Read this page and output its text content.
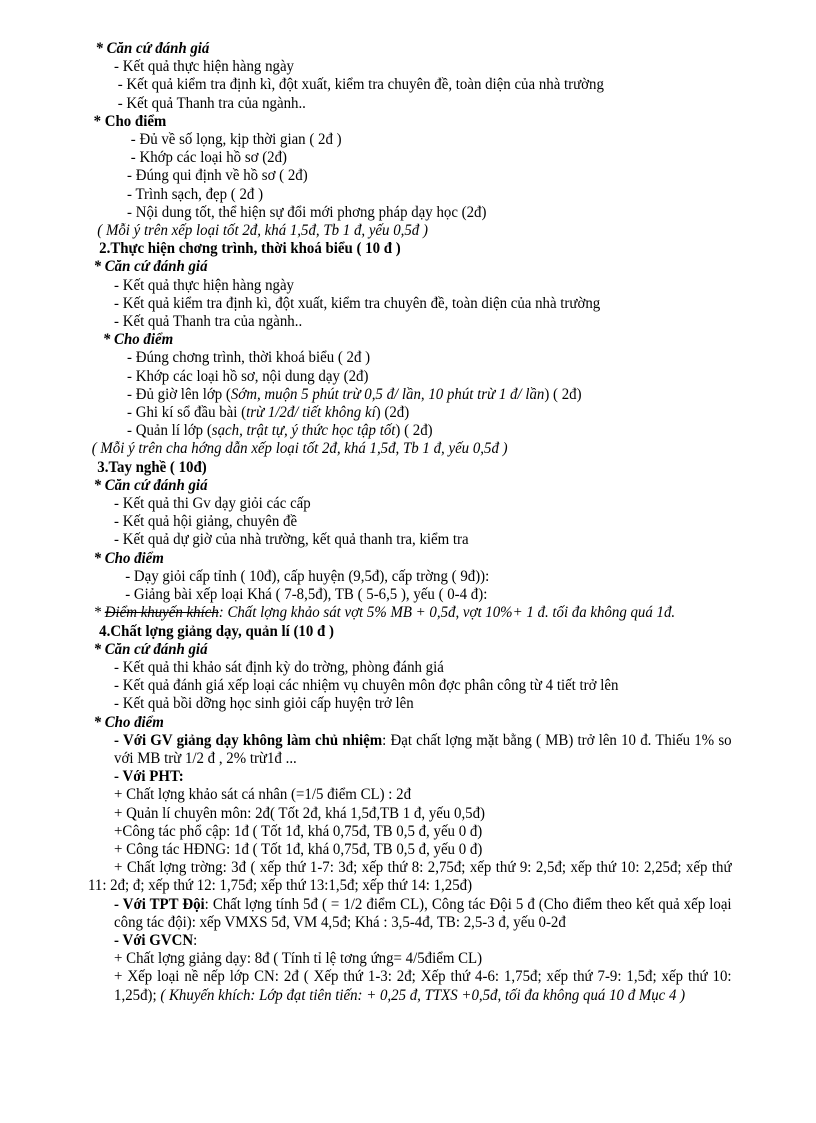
* Căn cứ đánh giá
- Kết quả thực hiện hàng ngày
- Kết quả kiểm tra định kì, đột xuất, kiểm tra chuyên đề, toàn diện của nhà trường
- Kết quả Thanh tra của ngành..
* Cho điểm
- Đủ về số lọng, kịp thời gian ( 2đ )
- Khớp các loại hồ sơ (2đ)
- Đúng qui định về hồ sơ ( 2đ)
- Trình sạch, đẹp ( 2đ )
- Nội dung tốt, thể hiện sự đổi mới phơng pháp dạy học (2đ)
( Mỗi ý trên xếp loại tốt 2đ, khá 1,5đ, Tb 1 đ, yếu 0,5đ )
2.Thực hiện chơng trình, thời khoá biểu ( 10 đ )
* Căn cứ đánh giá
- Kết quả thực hiện hàng ngày
- Kết quả kiểm tra định kì, đột xuất, kiểm tra chuyên đề, toàn diện của nhà trường
- Kết quả Thanh tra của ngành..
* Cho điểm
- Đúng chơng trình, thời khoá biểu ( 2đ )
- Khớp các loại hồ sơ, nội dung dạy (2đ)
- Đủ giờ lên lớp (Sớm, muộn 5 phút trừ 0,5 đ/ lần, 10 phút trừ 1 đ/ lần) ( 2đ)
- Ghi kí sổ đầu bài (trừ 1/2đ/ tiết không kí) (2đ)
- Quản lí lớp (sạch, trật tự, ý thức học tập tốt) ( 2đ)
( Mỗi ý trên cha hớng dẫn xếp loại tốt 2đ, khá 1,5đ, Tb 1 đ, yếu 0,5đ )
3.Tay nghề ( 10đ)
* Căn cứ đánh giá
- Kết quả thi Gv dạy giỏi các cấp
- Kết quả hội giảng, chuyên đề
- Kết quả dự giờ của nhà trường, kết quả thanh tra, kiểm tra
* Cho điểm
- Dạy giỏi cấp tỉnh ( 10đ), cấp huyện (9,5đ), cấp trờng ( 9đ)):
- Giảng bài xếp loại Khá ( 7-8,5đ), TB ( 5-6,5 ), yếu ( 0-4 đ):
* Điểm khuyến khích: Chất lợng khảo sát vợt 5% MB + 0,5đ, vợt 10%+ 1 đ. tối đa không quá 1đ.
4.Chất lợng giảng dạy, quản lí (10 đ )
* Căn cứ đánh giá
- Kết quả thi khảo sát định kỳ do trờng, phòng đánh giá
- Kết quả đánh giá xếp loại các nhiệm vụ chuyên môn đợc phân công từ 4 tiết trở lên
- Kết quả bồi dỡng học sinh giỏi cấp huyện trở lên
* Cho điểm
- Với GV giảng dạy không làm chủ nhiệm: Đạt chất lợng mặt bằng ( MB) trở lên 10 đ. Thiếu 1% so với MB trừ 1/2 đ , 2% trừ1đ ...
- Với PHT:
+ Chất lợng khảo sát cá nhân (=1/5 điểm CL) : 2đ
+ Quản lí chuyên môn: 2đ( Tốt 2đ, khá 1,5đ,TB 1 đ, yếu 0,5đ)
+Công tác phổ cập: 1đ ( Tốt 1đ, khá 0,75đ, TB 0,5 đ, yếu 0 đ)
+ Công tác HĐNG: 1đ ( Tốt 1đ, khá 0,75đ, TB 0,5 đ, yếu 0 đ)
+ Chất lợng trờng: 3đ ( xếp thứ 1-7: 3đ; xếp thứ 8: 2,75đ; xếp thứ 9: 2,5đ; xếp thứ 10: 2,25đ; xếp thứ 11: 2đ; đ; xếp thứ 12: 1,75đ; xếp thứ 13:1,5đ; xếp thứ 14: 1,25đ)
- Với TPT Đội: Chất lợng tính 5đ ( = 1/2 điểm CL), Công tác Đội 5 đ (Cho điểm theo kết quả xếp loại công tác đội): xếp VMXS 5đ, VM 4,5đ; Khá : 3,5-4đ, TB: 2,5-3 đ, yếu 0-2đ
- Với GVCN:
+ Chất lợng giảng dạy: 8đ ( Tính tỉ lệ tơng ứng= 4/5điểm CL)
+ Xếp loại nề nếp lớp CN: 2đ ( Xếp thứ 1-3: 2đ; Xếp thứ 4-6: 1,75đ; xếp thứ 7-9: 1,5đ; xếp thứ 10: 1,25đ); ( Khuyến khích: Lớp đạt tiên tiến: + 0,25 đ, TTXS +0,5đ, tối đa không quá 10 đ Mục 4 )
